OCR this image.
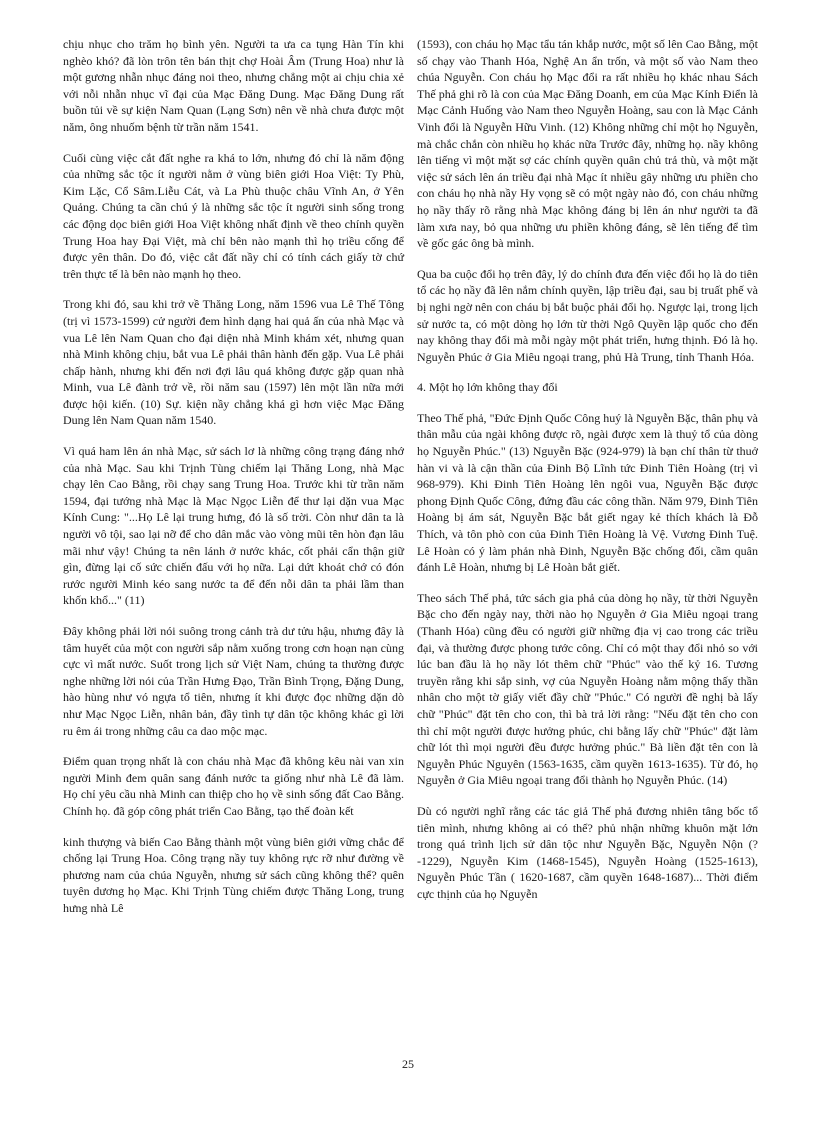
chịu nhục cho trăm họ bình yên. Người ta ưa ca tụng Hàn Tín khi nghèo khó? đã lòn trôn tên bán thịt chợ Hoài Âm (Trung Hoa) như là một gương nhẫn nhục đáng noi theo, nhưng chẳng một ai chịu chia xẻ với nỗi nhẫn nhục vĩ đại của Mạc Đăng Dung. Mạc Đăng Dung rất buồn tủi về sự kiện Nam Quan (Lạng Sơn) nên về nhà chưa được một năm, ông nhuốm bệnh từ trần năm 1541.

Cuối cùng việc cắt đất nghe ra khá to lớn, nhưng đó chỉ là năm động của những sắc tộc ít người nằm ở vùng biên giới Hoa Việt: Ty Phù, Kim Lặc, Cổ Sâm.Liễu Cát, và La Phù thuộc châu Vĩnh An, ở Yên Quảng. Chúng ta cần chú ý là những sắc tộc ít người sinh sống trong các động dọc biên giới Hoa Việt không nhất định về theo chính quyền Trung Hoa hay Đại Việt, mà chỉ bên nào mạnh thì họ triều cống để được yên thân. Do đó, việc cắt đất nầy chỉ có tính cách giấy tờ chứ trên thực tế là bên nào mạnh họ theo.

Trong khi đó, sau khi trở về Thăng Long, năm 1596 vua Lê Thế Tông (trị vì 1573-1599) cử người đem hình dạng hai quả ấn của nhà Mạc và vua Lê lên Nam Quan cho đại diện nhà Minh khám xét, nhưng quan nhà Minh không chịu, bắt vua Lê phải thân hành đến gặp. Vua Lê phải chấp hành, nhưng khi đến nơi đợi lâu quá không được gặp quan nhà Minh, vua Lê đành trở về, rồi năm sau (1597) lên một lần nữa mới được hội kiến. (10) Sự. kiện nầy chẳng khá gì hơn việc Mạc Đăng Dung lên Nam Quan năm 1540.

Vì quá ham lên án nhà Mạc, sử sách lơ là những công trạng đáng nhớ của nhà Mạc. Sau khi Trịnh Tùng chiếm lại Thăng Long, nhà Mạc chạy lên Cao Bằng, rồi chạy sang Trung Hoa. Trước khi từ trần năm 1594, đại tướng nhà Mạc là Mạc Ngọc Liễn để thư lại dặn vua Mạc Kính Cung: "...Họ Lê lại trung hưng, đó là số trời. Còn như dân ta là người vô tội, sao lại nỡ để cho dân mắc vào vòng mũi tên hòn đạn lâu mãi như vậy! Chúng ta nên lánh ở nước khác, cốt phải cẩn thận giữ gìn, đừng lại cố sức chiến đấu với họ nữa. Lại dứt khoát chớ có đón rước người Minh kéo sang nước ta để đến nỗi dân ta phải lầm than khốn khổ..." (11)

Đây không phải lời nói suông trong cảnh trà dư tửu hậu, nhưng đây là tâm huyết của một con người sắp nằm xuống trong cơn hoạn nạn cùng cực vì mất nước. Suốt trong lịch sử Việt Nam, chúng ta thường được nghe những lời nói của Trần Hưng Đạo, Trần Bình Trọng, Đặng Dung, hào hùng như vó ngựa tổ tiên, nhưng ít khi được đọc những dặn dò như Mạc Ngọc Liễn, nhân bản, đầy tình tự dân tộc không khác gì lời ru êm ái trong những câu ca dao mộc mạc.

Điểm quan trọng nhất là con cháu nhà Mạc đã không kêu nài van xin người Minh đem quân sang đánh nước ta giống như nhà Lê đã làm. Họ chỉ yêu cầu nhà Minh can thiệp cho họ về sinh sống đất Cao Bằng. Chính họ. đã góp công phát triển Cao Bằng, tạo thế đoàn kết

kinh thượng và biến Cao Bằng thành một vùng biên giới vững chắc để chống lại Trung Hoa. Công trạng nầy tuy không rực rỡ như đường về phương nam của chúa Nguyễn, nhưng sử sách cũng không thể? quên tuyên dương họ Mạc. Khi Trịnh Tùng chiếm được Thăng Long, trung hưng nhà Lê

(1593), con cháu họ Mạc tẩu tán khắp nước, một số lên Cao Bằng, một số chạy vào Thanh Hóa, Nghệ An ẩn trốn, và một số vào Nam theo chúa Nguyễn. Con cháu họ Mạc đổi ra rất nhiều họ khác nhau Sách Thế phả ghi rõ là con của Mạc Đăng Doanh, em của Mạc Kính Điển là Mạc Cảnh Huống vào Nam theo Nguyễn Hoàng, sau con là Mạc Cảnh Vinh đổi là Nguyễn Hữu Vinh. (12) Không những chỉ một họ Nguyễn, mà chắc chắn còn nhiều họ khác nữa Trước đây, những họ. nầy không lên tiếng vì một mặt sợ các chính quyền quân chủ trả thù, và một mặt việc sử sách lên án triều đại nhà Mạc ít nhiều gây những ưu phiền cho con cháu họ nhà nầy Hy vọng sẽ có một ngày nào đó, con cháu những họ nầy thấy rõ rằng nhà Mạc không đáng bị lên án như người ta đã làm xưa nay, bỏ qua những ưu phiền không đáng, sẽ lên tiếng để tìm về gốc gác ông bà mình.

Qua ba cuộc đổi họ trên đây, lý do chính đưa đến việc đổi họ là do tiên tổ các họ nầy đã lên nắm chính quyền, lập triều đại, sau bị truất phế và bị nghi ngờ nên con cháu bị bắt buộc phải đổi họ. Ngược lại, trong lịch sử nước ta, có một dòng họ lớn từ thời Ngô Quyền lập quốc cho đến nay không thay đổi mà mỗi ngày một phát triển, hưng thịnh. Đó là họ. Nguyễn Phúc ở Gia Miêu ngoại trang, phủ Hà Trung, tỉnh Thanh Hóa.

4. Một họ lớn không thay đổi

Theo Thế phả, "Đức Định Quốc Công huý là Nguyễn Bặc, thân phụ và thân mẫu của ngài không được rõ, ngài được xem là thuỷ tổ của dòng họ Nguyễn Phúc." (13) Nguyễn Bặc (924-979) là bạn chí thân từ thuở hàn vi và là cận thần của Đinh Bộ Lĩnh tức Đinh Tiên Hoàng (trị vì 968-979). Khi Đinh Tiên Hoàng lên ngôi vua, Nguyễn Bặc được phong Định Quốc Công, đứng đầu các công thần. Năm 979, Đinh Tiên Hoàng bị ám sát, Nguyễn Bặc bắt giết ngay kẻ thích khách là Đỗ Thích, và tôn phò con của Đinh Tiên Hoàng là Vệ. Vương Đinh Tuệ. Lê Hoàn có ý làm phản nhà Đinh, Nguyễn Bặc chống đối, cầm quân đánh Lê Hoàn, nhưng bị Lê Hoàn bắt giết.

Theo sách Thế phả, tức sách gia phả của dòng họ nầy, từ thời Nguyễn Bặc cho đến ngày nay, thời nào họ Nguyễn ở Gia Miêu ngoại trang (Thanh Hóa) cũng đều có người giữ những địa vị cao trong các triều đại, và thường được phong tước công. Chỉ có một thay đổi nhỏ so với lúc ban đầu là họ nầy lót thêm chữ "Phúc" vào thế kỷ 16. Tương truyền rằng khi sắp sinh, vợ của Nguyễn Hoàng nằm mộng thấy thần nhân cho một tờ giấy viết đầy chữ "Phúc." Có người đề nghị bà lấy chữ "Phúc" đặt tên cho con, thì bà trả lời rằng: "Nếu đặt tên cho con thì chỉ một người được hưởng phúc, chi bằng lấy chữ "Phúc" đặt làm chữ lót thì mọi người đều được hưởng phúc." Bà liền đặt tên con là Nguyễn Phúc Nguyên (1563-1635, cầm quyền 1613-1635). Từ đó, họ Nguyễn ở Gia Miêu ngoại trang đổi thành họ Nguyễn Phúc. (14)

Dù có người nghĩ rằng các tác giả Thế phả đương nhiên tâng bốc tổ tiên mình, nhưng không ai có thể? phủ nhận những khuôn mặt lớn trong quá trình lịch sử dân tộc như Nguyễn Bặc, Nguyễn Nộn (?-1229), Nguyễn Kim (1468-1545), Nguyễn Hoàng (1525-1613), Nguyễn Phúc Tần ( 1620-1687, cầm quyền 1648-1687)... Thời điểm cực thịnh của họ Nguyễn

25
